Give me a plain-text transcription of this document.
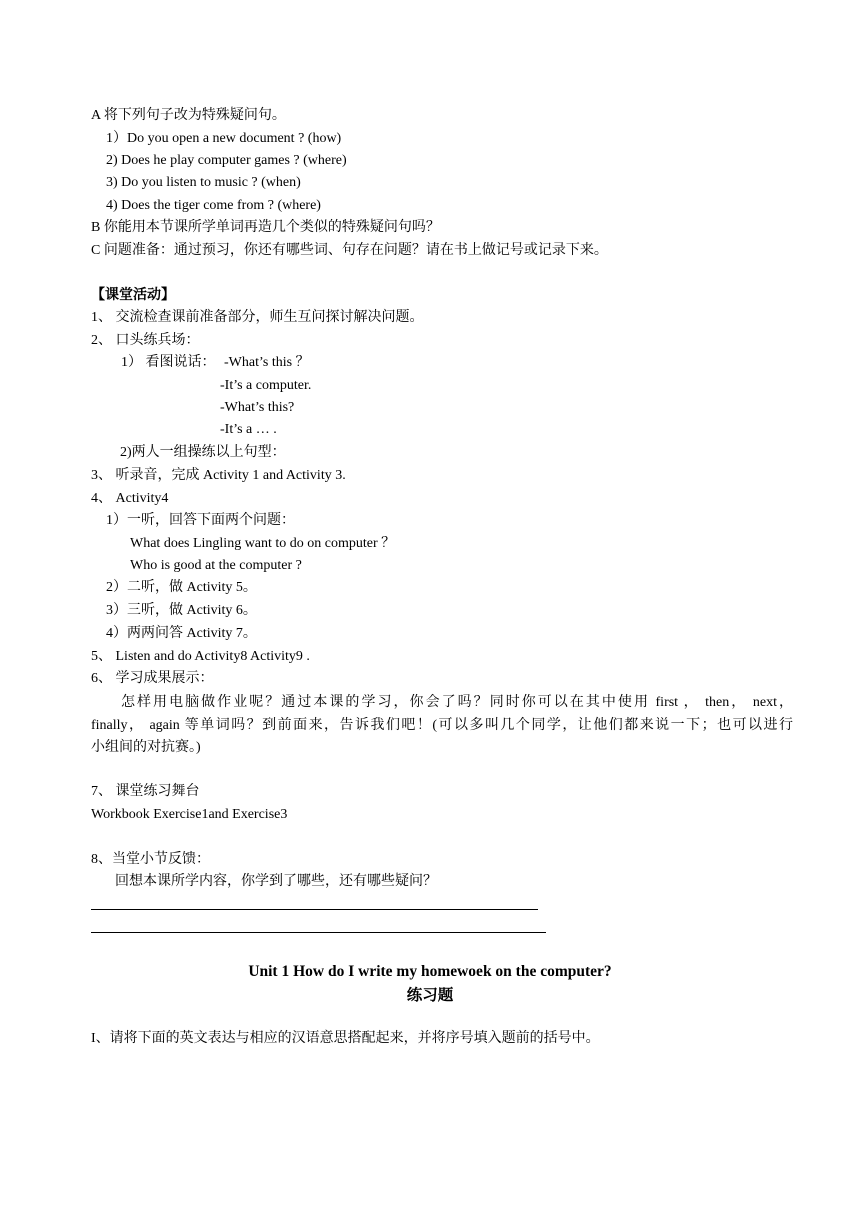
A 将下列句子改为特殊疑问句。
1）Do you open a new document ? (how)
2) Does he play computer games ? (where)
3) Do you listen to music ? (when)
4) Does the tiger come from ? (where)
B 你能用本节课所学单词再造几个类似的特殊疑问句吗？
C 问题准备：通过预习，你还有哪些词、句存在问题？请在书上做记号或记录下来。
【课堂活动】
1、 交流检查课前准备部分，师生互问探讨解决问题。
2、 口头练兵场：
1） 看图说话： -What’s this ？
-It’s a computer.
-What’s this?
-It’s a … .
2)两人一组操练以上句型：
3、 听录音，完成 Activity 1 and Activity 3.
4、 Activity4
1）一听，回答下面两个问题：
What does Lingling want to do on computer ？
Who is good at the computer ?
2）二听，做 Activity 5。
3）三听，做 Activity 6。
4）两两问答 Activity 7。
5、 Listen and do Activity8 Activity9 .
6、 学习成果展示：
怎样用电脑做作业呢？通过本课的学习，你会了吗？同时你可以在其中使用 first ， then， next，
finally， again 等单词吗？到前面来，告诉我们吧！(可以多叫几个同学，让他们都来说一下；也可以进行
小组间的对抗赛。)
7、 课堂练习舞台
Workbook Exercise1and Exercise3
8、当堂小节反馈：
回想本课所学内容，你学到了哪些，还有哪些疑问？
Unit 1 How do I write my homewoek on the computer?
练习题
I、请将下面的英文表达与相应的汉语意思搭配起来，并将序号填入题前的括号中。
